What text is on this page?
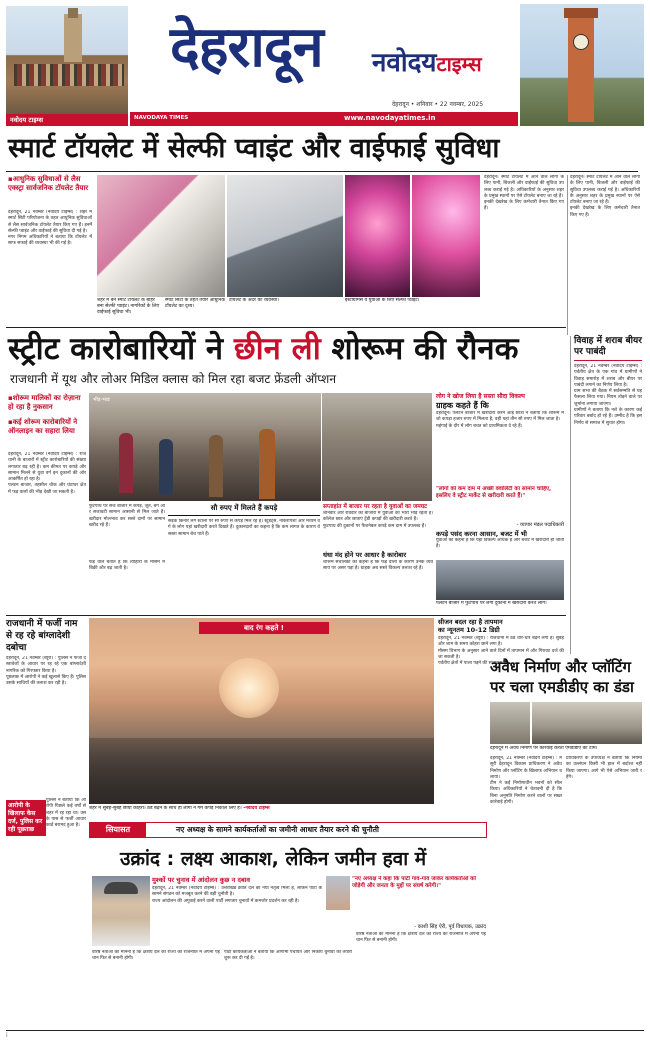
नवोदय टाइम्स
देहरादून नवोदयटाइम्स
देहरादून • शनिवार • 22 नवम्बर, 2025
NAVODAYA TIMES	www.navodayatimes.in
स्मार्ट टॉयलेट में सेल्फी प्वाइंट और वाईफाई सुविधा
▪आधुनिक सुविधाओं से लैस एक्स्ट्रा सार्वजनिक टॉयलेट तैयार
देहरादून, 21 नवम्बर (नवोदय टाइम्स) : शहर में स्मार्ट सिटी परियोजना के तहत आधुनिक सुविधाओं से लैस सार्वजनिक टॉयलेट तैयार किए गए हैं। इनमें सेल्फी प्वाइंट और वाईफाई की सुविधा दी गई है।
नगर निगम अधिकारियों ने बताया कि टॉयलेट में साफ सफाई की व्यवस्था भी की गई है।
शहर में बने स्मार्ट टॉयलेट के बाहर बना सेल्फी प्वाइंट। नागरिकों के लिए वाईफाई सुविधा भी।
स्मार्ट सिटी के तहत तैयार आधुनिक टॉयलेट का दृश्य।
टॉयलेट के अंदर की व्यवस्था।	इंस्टाग्रामर्स व युवाओं के लिए सेल्फी प्वाइंट।
देहरादून। स्मार्ट टॉयलेट में आने वाले लोगों के लिए पानी, बिजली और वाईफाई की सुविधा उपलब्ध कराई गई है। अधिकारियों के अनुसार शहर के प्रमुख स्थानों पर ऐसे टॉयलेट बनाए जा रहे हैं।
इनकी देखरेख के लिए कर्मचारी तैनात किए गए हैं।
देहरादून। स्मार्ट टॉयलेट में आने वाले लोगों के लिए पानी, बिजली और वाईफाई की सुविधा उपलब्ध कराई गई है। अधिकारियों के अनुसार शहर के प्रमुख स्थानों पर ऐसे टॉयलेट बनाए जा रहे हैं।
इनकी देखरेख के लिए कर्मचारी तैनात किए गए हैं।
स्ट्रीट कारोबारियों ने छीन ली शोरूम की रौनक
राजधानी में यूथ और लोअर मिडिल क्लास को मिल रहा बजट फ्रेंडली ऑप्शन
विवाह में शराब बीयर पर पाबंदी
देहरादून, 21 नवम्बर (नवोदय टाइम्स) : पर्वतीय क्षेत्र के एक गांव में ग्रामीणों ने विवाह समारोह में शराब और बीयर पर पाबंदी लगाने का निर्णय लिया है।
ग्राम सभा की बैठक में सर्वसम्मति से यह फैसला लिया गया। नियम तोड़ने वाले पर जुर्माना लगाया जाएगा।
ग्रामीणों ने बताया कि नशे के कारण कई परिवार बर्बाद हो रहे हैं। उम्मीद है कि इस निर्णय से समाज में सुधार होगा।
▪शोरूम मालिकों का रोज़ाना हो रहा है नुकसान
▪कई शोरूम कारोबारियों ने ऑनलाइन का सहारा लिया
देहरादून, 21 नवम्बर (नवोदय टाइम्स) : राजधानी के बाजारों में स्ट्रीट कारोबारियों की संख्या लगातार बढ़ रही है। कम कीमत पर कपड़े और सामान मिलने से युवा वर्ग इन दुकानों की ओर आकर्षित हो रहा है।
पलटन बाजार, तहसील चौक और घंटाघर क्षेत्र में फड़ वालों की भीड़ देखी जा सकती है।
भीड़-भाड़
फुटपाथ पर सजे बाजार में कपड़े, जूते, बैग और सजावटी सामान आसानी से मिल जाते हैं। खरीदार मोलभाव कर सस्ते दामों पर सामान खरीद रहे हैं।
फड़ वाले बताते हैं कि त्योहारों के मौसम में बिक्री और बढ़ जाती है।
सौ रुपए में मिलते हैं कपड़े
सड़क किनारे लगे स्टॉलों पर सौ रुपए से कपड़े मिल रहे हैं। स्टूडेंट्स, नौकरीपेशा और मध्यम वर्ग के लोग यहां खरीदारी करते दिखते हैं। दुकानदारों का कहना है कि कम लागत के कारण वे सस्ता सामान बेच पाते हैं।
सप्ताहांत में बाजार पर रहता है युवाओं का जमघट
शनिवार और रविवार को बाजारों में युवाओं की भारी भीड़ रहती है। कॉलेज छात्र और छात्राएं ट्रेंडी कपड़ों की खरीदारी करते हैं।
फुटपाथ की दुकानों पर फैशनेबल कपड़े कम दाम में उपलब्ध हैं।
धंधा मंद होने पर आधार है कारोबार
शोरूम संचालकों का कहना है कि फड़ वालों के कारण उनके व्यवसाय पर असर पड़ा है। ग्राहक अब सस्ते विकल्प तलाश रहे हैं।
लोग ने खोज लिया है सस्ता सौदा विकल्प
ग्राहक कहते हैं कि
देहरादून। पलटन बाजार में खरीदारी करने आई छात्रा ने बताया कि शोरूम में जो कपड़ा हजार रुपए में मिलता है, वही यहां तीन सौ रुपए में मिल जाता है।
महंगाई के दौर में लोग बचत को प्राथमिकता दे रहे हैं।
"लोगों को कम दाम में अच्छी क्वालिटी का सामान चाहिए, इसलिए वे स्ट्रीट मार्केट से खरीदारी करते हैं।"
- व्यापार मंडल पदाधिकारी
कपड़े पसंद करना आसान, बजट में भी
युवाओं का कहना है कि यहां विकल्प अधिक हैं और बजट में खरीदारी हो जाती है।
पलटन बाजार में फुटपाथ पर लगी दुकानों में खरीदारी करते लोग।
राजधानी में फर्जी नाम से रह रहे बांग्लादेशी दबोचा
देहरादून, 21 नवम्बर (ब्यूरो) : पुलिस ने फर्जी दस्तावेजों के आधार पर रह रहे एक बांग्लादेशी नागरिक को गिरफ्तार किया है।
पूछताछ में आरोपी ने कई खुलासे किए हैं। पुलिस उसके साथियों की तलाश कर रही है।
आरोपी के खिलाफ केस दर्ज, पुलिस कर रही पूछताछ
पुलिस ने बताया कि आरोपी पिछले कई वर्षों से शहर में रह रहा था। उसके पास से फर्जी आधार कार्ड बरामद हुआ है।
बाद रंग कहते !
शहर में सुबह-सुबह छाया कोहरा। ठंड बढ़ने के साथ ही लोगों ने गर्म कपड़े निकाल लिए हैं। -नवोदय टाइम्स
सीजन बदल रहा है तापमान
का न्यूनतम 10-12 डिग्री
देहरादून, 21 नवम्बर (ब्यूरो) : राजधानी में ठंड धीरे-धीरे बढ़ने लगी है। सुबह और शाम के समय कोहरा छाने लगा है।
मौसम विभाग के अनुसार आने वाले दिनों में तापमान में और गिरावट दर्ज की जा सकती है।
पर्वतीय क्षेत्रों में पाला पड़ने की संभावना है।
अवैध निर्माण और प्लॉटिंग
पर चला एमडीडीए का डंडा
देहरादून में अवैध निर्माण पर कार्रवाई करती एमडीडीए की टीम।
देहरादून, 21 नवम्बर (नवोदय टाइम्स) : मसूरी देहरादून विकास प्राधिकरण ने अवैध निर्माण और प्लॉटिंग के खिलाफ अभियान चलाया।
टीम ने कई निर्माणाधीन भवनों को सील किया। अधिकारियों ने चेतावनी दी है कि बिना अनुमति निर्माण करने वालों पर सख्त कार्रवाई होगी।
प्राधिकरण के उपाध्यक्ष ने बताया कि नियमों का उल्लंघन किसी भी हाल में बर्दाश्त नहीं किया जाएगा। आगे भी ऐसे अभियान जारी रहेंगे।
सियासत	नए अध्यक्ष के सामने कार्यकर्ताओं का जमीनी आधार तैयार करने की चुनौती
उक्रांद : लक्ष्य आकाश, लेकिन जमीन हवा में
मुश्कों पर चुनाव में आंदोलन कुछ न दबाव
देहरादून, 21 नवम्बर (नवोदय टाइम्स) : उत्तराखंड क्रांति दल को नया नेतृत्व मिला है, लेकिन पार्टी के सामने संगठन को मजबूत करने की बड़ी चुनौती है।
राज्य आंदोलन की अगुवाई करने वाली पार्टी लगातार चुनावों में कमजोर प्रदर्शन कर रही है।
"नए अध्यक्ष ने कहा कि पार्टी गांव-गांव जाकर कार्यकर्ताओं को जोड़ेगी और जनता के मुद्दों पर संघर्ष करेगी।"
- काशी सिंह ऐरी, पूर्व विधायक, उक्रांद
वरिष्ठ नेताओं का मानना है कि क्षेत्रीय दल को राज्य की राजनीति में अपनी पहचान फिर से बनानी होगी।
पार्टी कार्यकर्ताओं ने बताया कि आगामी पंचायत और निकाय चुनावों की तैयारी शुरू कर दी गई है।
वरिष्ठ नेताओं का मानना है कि क्षेत्रीय दल को राज्य की राजनीति में अपनी पहचान फिर से बनानी होगी।
i
